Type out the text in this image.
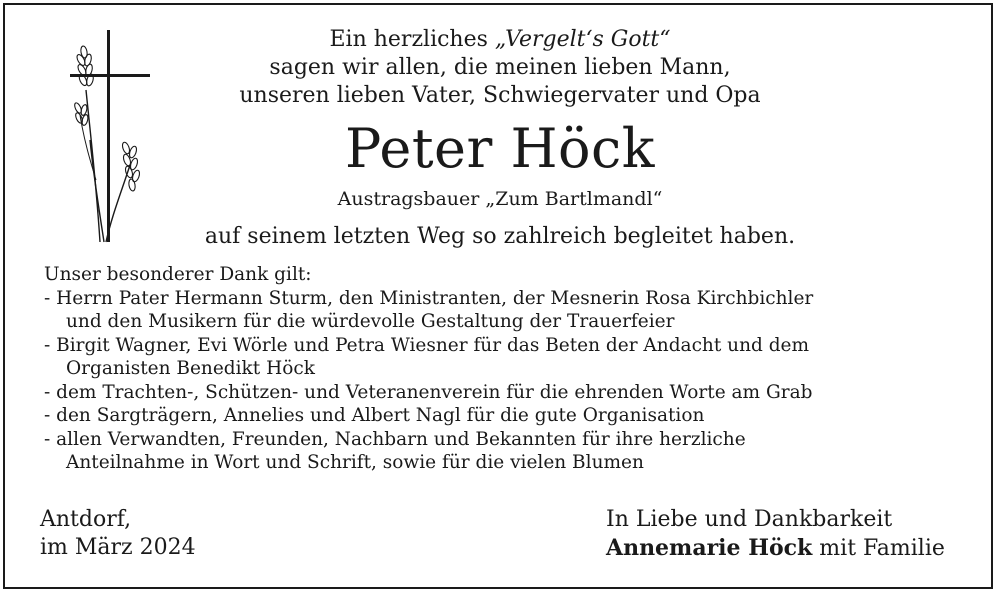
Ein herzliches „Vergelt‘s Gott“
sagen wir allen, die meinen lieben Mann,
unseren lieben Vater, Schwiegervater und Opa
Peter Höck
Austragsbauer „Zum Bartlmandl“
auf seinem letzten Weg so zahlreich begleitet haben.
Unser besonderer Dank gilt:
- Herrn Pater Hermann Sturm, den Ministranten, der Mesnerin Rosa Kirchbichler
und den Musikern für die würdevolle Gestaltung der Trauerfeier
- Birgit Wagner, Evi Wörle und Petra Wiesner für das Beten der Andacht und dem
Organisten Benedikt Höck
- dem Trachten-, Schützen- und Veteranenverein für die ehrenden Worte am Grab
- den Sargträgern, Annelies und Albert Nagl für die gute Organisation
- allen Verwandten, Freunden, Nachbarn und Bekannten für ihre herzliche
Anteilnahme in Wort und Schrift, sowie für die vielen Blumen
Antdorf,
im März 2024
In Liebe und Dankbarkeit
Annemarie Höck mit Familie
